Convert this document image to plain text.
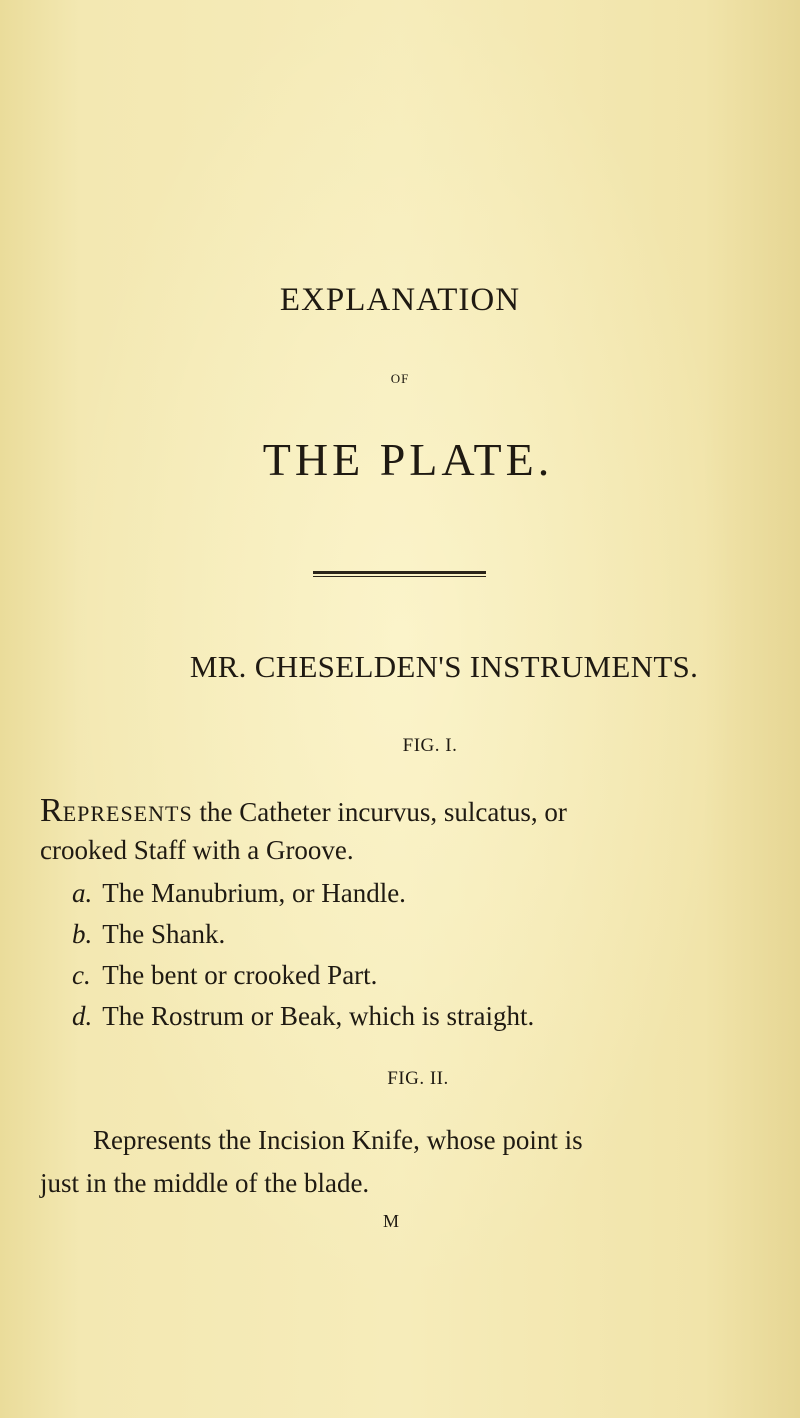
EXPLANATION
OF
THE PLATE.
MR. CHESELDEN'S INSTRUMENTS.
FIG. I.
REPRESENTS the Catheter incurvus, sulcatus, or
crooked Staff with a Groove.
a. The Manubrium, or Handle.
b. The Shank.
c. The bent or crooked Part.
d. The Rostrum or Beak, which is straight.
FIG. II.
Represents the Incision Knife, whose point is
just in the middle of the blade.
M
